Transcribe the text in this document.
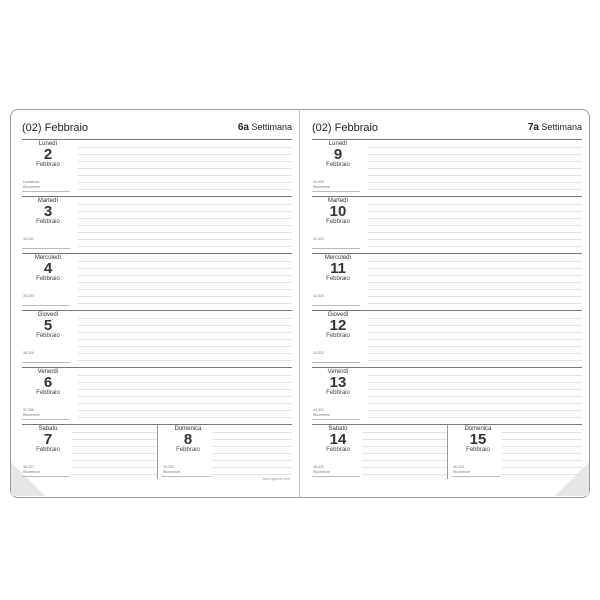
(02) Febbraio	6a Settimana
Lunedì
2
Febbraio
Candelora
Ricorrenze
Martedì
3
Febbraio
34-331
Mercoledì
4
Febbraio
35-330
Giovedì
5
Febbraio
36-329
Venerdì
6
Febbraio
37-328
Ricorrenze
Sabato
7
Febbraio
38-327
Ricorrenze
Domenica
8
Febbraio
39-326
Ricorrenze
www.agendé.com
(02) Febbraio	7a Settimana
Lunedì
9
Febbraio
40-325
Ricorrenze
Martedì
10
Febbraio
41-324
Mercoledì
11
Febbraio
42-323
Giovedì
12
Febbraio
43-322
Venerdì
13
Febbraio
44-321
Ricorrenze
Sabato
14
Febbraio
45-320
Ricorrenze
Domenica
15
Febbraio
46-319
Ricorrenze
